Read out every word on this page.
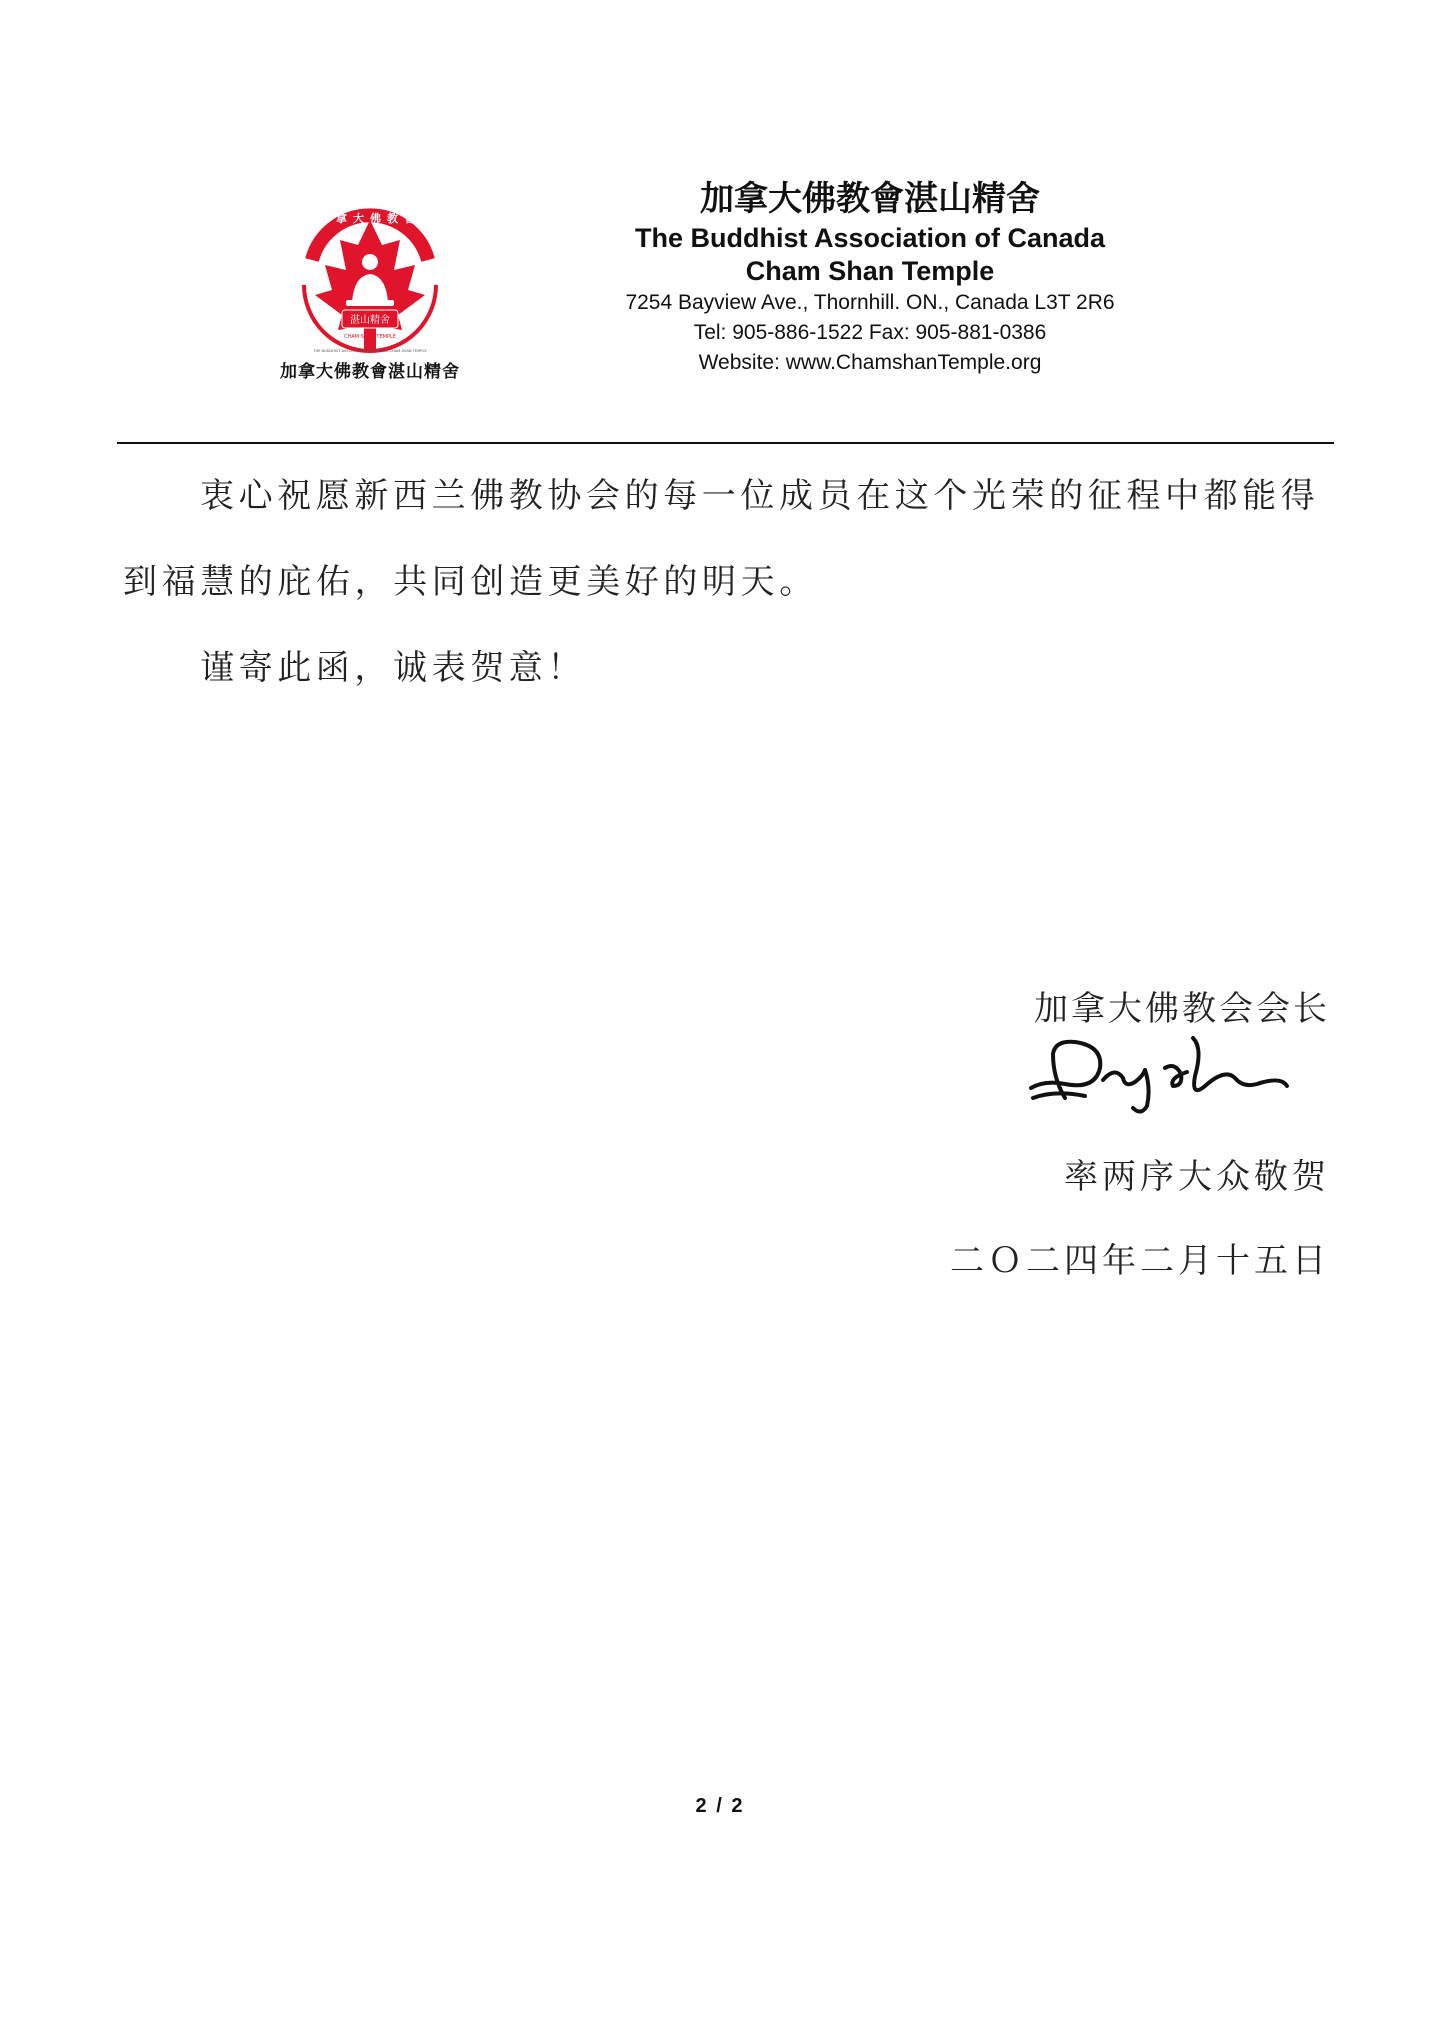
湛山精舍
CHAM SHAN TEMPLE
加拿大佛教會
THE BUDDHIST ASSOCIATION OF CANADA CHAM SHAN TEMPLE
加拿大佛教會湛山精舍
加拿大佛教會湛山精舍
The Buddhist Association of Canada
Cham Shan Temple
7254 Bayview Ave., Thornhill. ON., Canada L3T 2R6
Tel: 905-886-1522 Fax: 905-881-0386
Website: www.ChamshanTemple.org
衷心祝愿新西兰佛教协会的每一位成员在这个光荣的征程中都能得
到福慧的庇佑，共同创造更美好的明天。
谨寄此函，诚表贺意！
加拿大佛教会会长
率两序大众敬贺
二Ｏ二四年二月十五日
2 / 2
